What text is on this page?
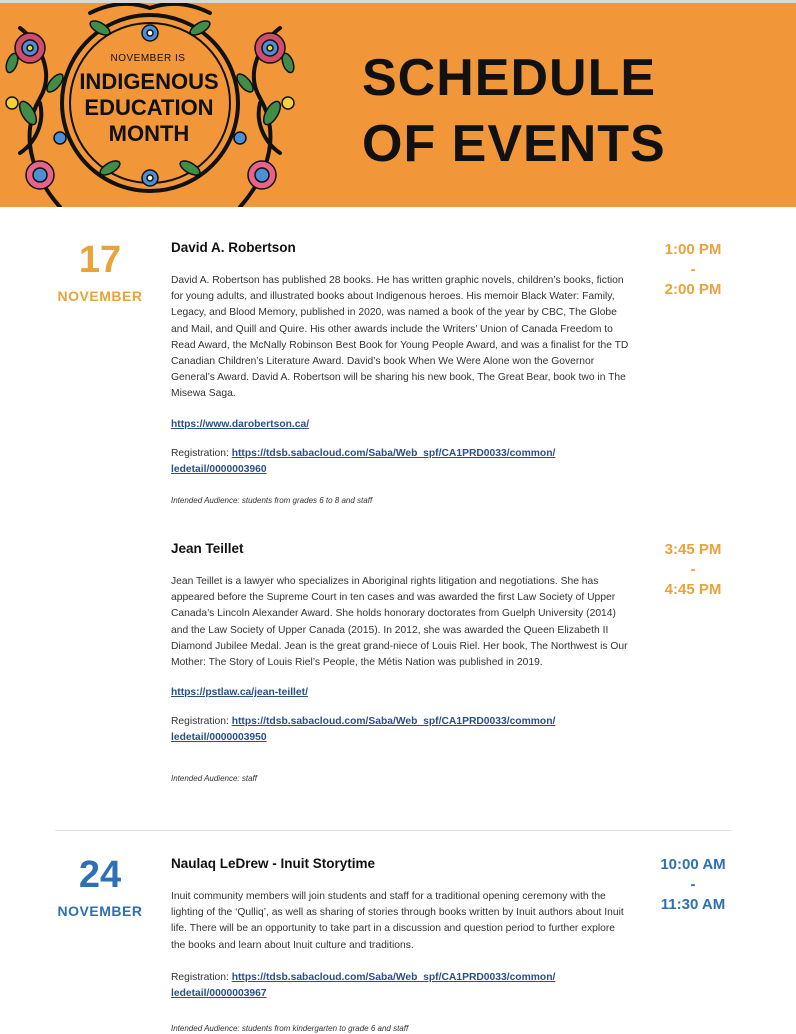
NOVEMBER IS
INDIGENOUS
EDUCATION
MONTH
SCHEDULE
OF EVENTS
17
NOVEMBER
1:00 PM
-
2:00 PM
David A. Robertson
David A. Robertson has published 28 books. He has written graphic novels, children’s books, fiction for young adults, and illustrated books about Indigenous heroes. His memoir Black Water: Family, Legacy, and Blood Memory, published in 2020, was named a book of the year by CBC, The Globe and Mail, and Quill and Quire. His other awards include the Writers’ Union of Canada Freedom to Read Award, the McNally Robinson Best Book for Young People Award, and was a finalist for the TD Canadian Children’s Literature Award. David’s book When We Were Alone won the Governor General’s Award. David A. Robertson will be sharing his new book, The Great Bear, book two in The Misewa Saga.
https://www.darobertson.ca/
Registration: https://tdsb.sabacloud.com/Saba/Web_spf/CA1PRD0033/common/
ledetail/0000003960
Intended Audience: students from grades 6 to 8 and staff
3:45 PM
-
4:45 PM
Jean Teillet
Jean Teillet is a lawyer who specializes in Aboriginal rights litigation and negotiations. She has appeared before the Supreme Court in ten cases and was awarded the first Law Society of Upper Canada’s Lincoln Alexander Award. She holds honorary doctorates from Guelph University (2014) and the Law Society of Upper Canada (2015). In 2012, she was awarded the Queen Elizabeth II Diamond Jubilee Medal. Jean is the great grand-niece of Louis Riel. Her book, The Northwest is Our Mother: The Story of Louis Riel’s People, the Métis Nation was published in 2019.
https://pstlaw.ca/jean-teillet/
Registration: https://tdsb.sabacloud.com/Saba/Web_spf/CA1PRD0033/common/
ledetail/0000003950
Intended Audience: staff
24
NOVEMBER
10:00 AM
-
11:30 AM
Naulaq LeDrew - Inuit Storytime
Inuit community members will join students and staff for a traditional opening ceremony with the lighting of the ‘Qulliq’, as well as sharing of stories through books written by Inuit authors about Inuit life. There will be an opportunity to take part in a discussion and question period to further explore the books and learn about Inuit culture and traditions.
Registration: https://tdsb.sabacloud.com/Saba/Web_spf/CA1PRD0033/common/
ledetail/0000003967
Intended Audience: students from kindergarten to grade 6 and staff
